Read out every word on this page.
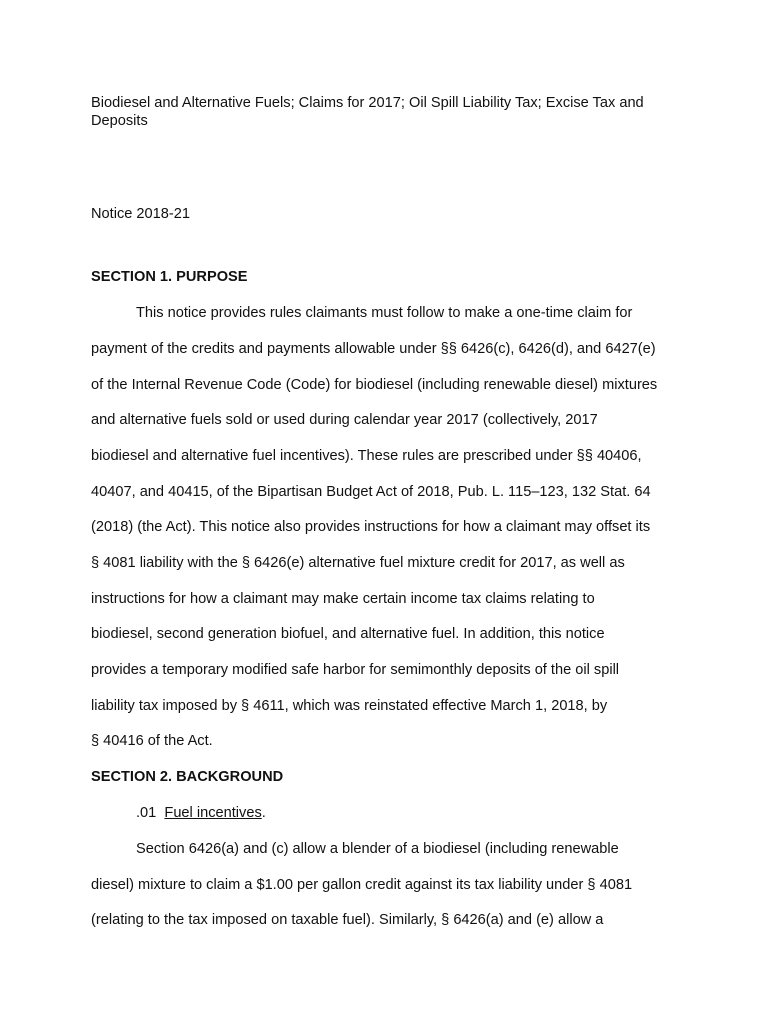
Biodiesel and Alternative Fuels; Claims for 2017; Oil Spill Liability Tax; Excise Tax and
Deposits
Notice 2018-21
SECTION 1. PURPOSE
This notice provides rules claimants must follow to make a one-time claim for
payment of the credits and payments allowable under §§ 6426(c), 6426(d), and 6427(e)
of the Internal Revenue Code (Code) for biodiesel (including renewable diesel) mixtures
and alternative fuels sold or used during calendar year 2017 (collectively, 2017
biodiesel and alternative fuel incentives). These rules are prescribed under §§ 40406,
40407, and 40415, of the Bipartisan Budget Act of 2018, Pub. L. 115–123, 132 Stat. 64
(2018) (the Act). This notice also provides instructions for how a claimant may offset its
§ 4081 liability with the § 6426(e) alternative fuel mixture credit for 2017, as well as
instructions for how a claimant may make certain income tax claims relating to
biodiesel, second generation biofuel, and alternative fuel. In addition, this notice
provides a temporary modified safe harbor for semimonthly deposits of the oil spill
liability tax imposed by § 4611, which was reinstated effective March 1, 2018, by
§ 40416 of the Act.
SECTION 2. BACKGROUND
.01 Fuel incentives.
Section 6426(a) and (c) allow a blender of a biodiesel (including renewable
diesel) mixture to claim a $1.00 per gallon credit against its tax liability under § 4081
(relating to the tax imposed on taxable fuel). Similarly, § 6426(a) and (e) allow a
